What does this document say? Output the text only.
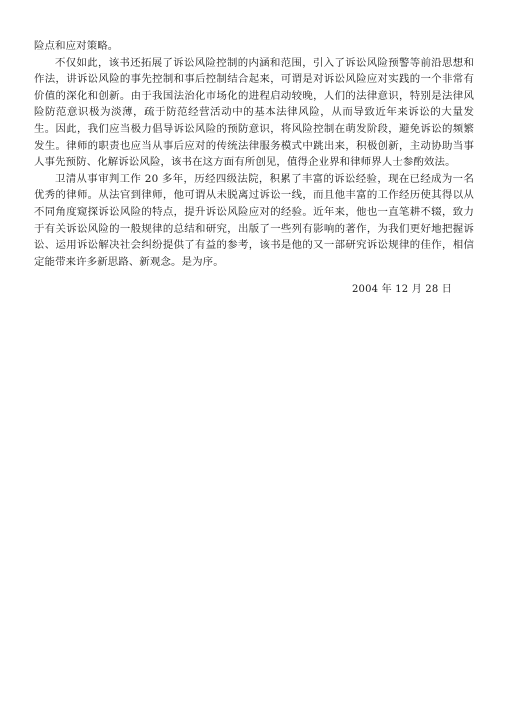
险点和应对策略。

不仅如此，该书还拓展了诉讼风险控制的内涵和范围，引入了诉讼风险预警等前沿思想和作法，讲诉讼风险的事先控制和事后控制结合起来，可谓是对诉讼风险应对实践的一个非常有价值的深化和创新。由于我国法治化市场化的进程启动较晚，人们的法律意识，特别是法律风险防范意识极为淡薄，疏于防范经营活动中的基本法律风险，从而导致近年来诉讼的大量发生。因此，我们应当极力倡导诉讼风险的预防意识，将风险控制在萌发阶段，避免诉讼的频繁发生。律师的职责也应当从事后应对的传统法律服务模式中跳出来，积极创新，主动协助当事人事先预防、化解诉讼风险，该书在这方面有所创见，值得企业界和律师界人士参酌效法。

卫清从事审判工作 20 多年，历经四级法院，积累了丰富的诉讼经验，现在已经成为一名优秀的律师。从法官到律师，他可谓从未脱离过诉讼一线，而且他丰富的工作经历使其得以从不同角度窥探诉讼风险的特点，提升诉讼风险应对的经验。近年来，他也一直笔耕不辍，致力于有关诉讼风险的一般规律的总结和研究，出版了一些列有影响的著作，为我们更好地把握诉讼、运用诉讼解决社会纠纷提供了有益的参考，该书是他的又一部研究诉讼规律的佳作，相信定能带来许多新思路、新观念。是为序。

2004 年 12 月 28 日
